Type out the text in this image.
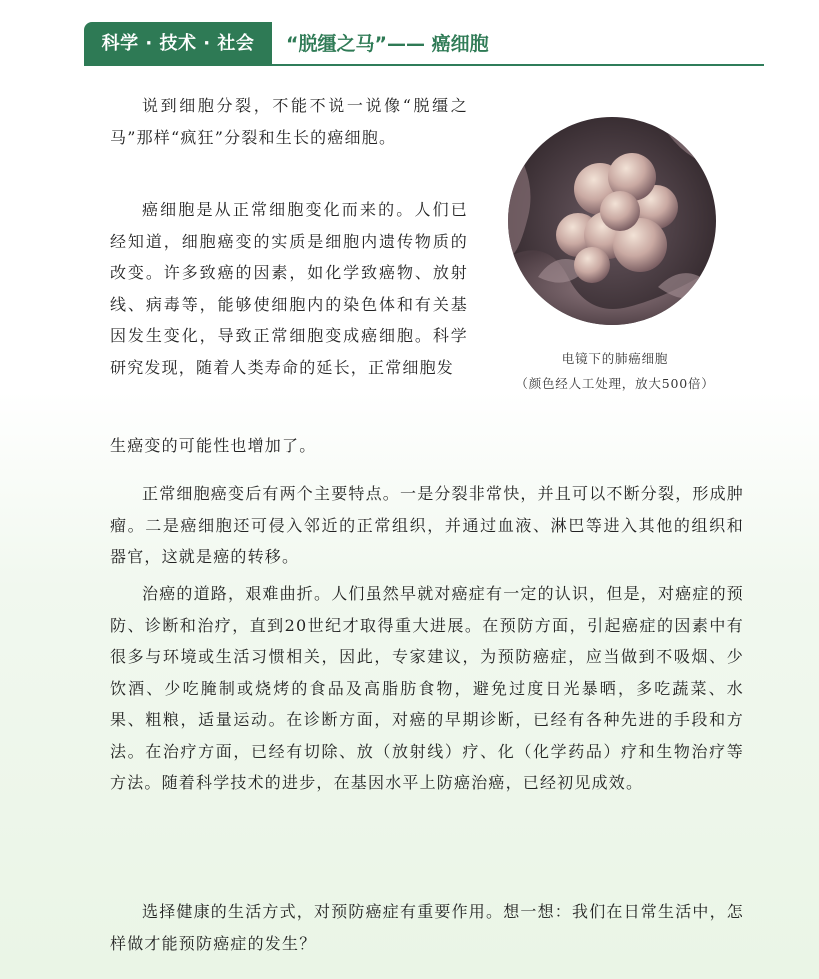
科学 · 技术 · 社会	“脱缰之马”—— 癌细胞

说到细胞分裂，不能不说一说像“脱缰之马”那样“疯狂”分裂和生长的癌细胞。

癌细胞是从正常细胞变化而来的。人们已经知道，细胞癌变的实质是细胞内遗传物质的改变。许多致癌的因素，如化学致癌物、放射线、病毒等，能够使细胞内的染色体和有关基因发生变化，导致正常细胞变成癌细胞。科学研究发现，随着人类寿命的延长，正常细胞发

生癌变的可能性也增加了。

电镜下的肺癌细胞
（颜色经人工处理，放大500倍）

正常细胞癌变后有两个主要特点。一是分裂非常快，并且可以不断分裂，形成肿瘤。二是癌细胞还可侵入邻近的正常组织，并通过血液、淋巴等进入其他的组织和器官，这就是癌的转移。

治癌的道路，艰难曲折。人们虽然早就对癌症有一定的认识，但是，对癌症的预防、诊断和治疗，直到20世纪才取得重大进展。在预防方面，引起癌症的因素中有很多与环境或生活习惯相关，因此，专家建议，为预防癌症，应当做到不吸烟、少饮酒、少吃腌制或烧烤的食品及高脂肪食物，避免过度日光暴晒，多吃蔬菜、水果、粗粮，适量运动。在诊断方面，对癌的早期诊断，已经有各种先进的手段和方法。在治疗方面，已经有切除、放（放射线）疗、化（化学药品）疗和生物治疗等方法。随着科学技术的进步，在基因水平上防癌治癌，已经初见成效。

选择健康的生活方式，对预防癌症有重要作用。想一想：我们在日常生活中，怎样做才能预防癌症的发生？
